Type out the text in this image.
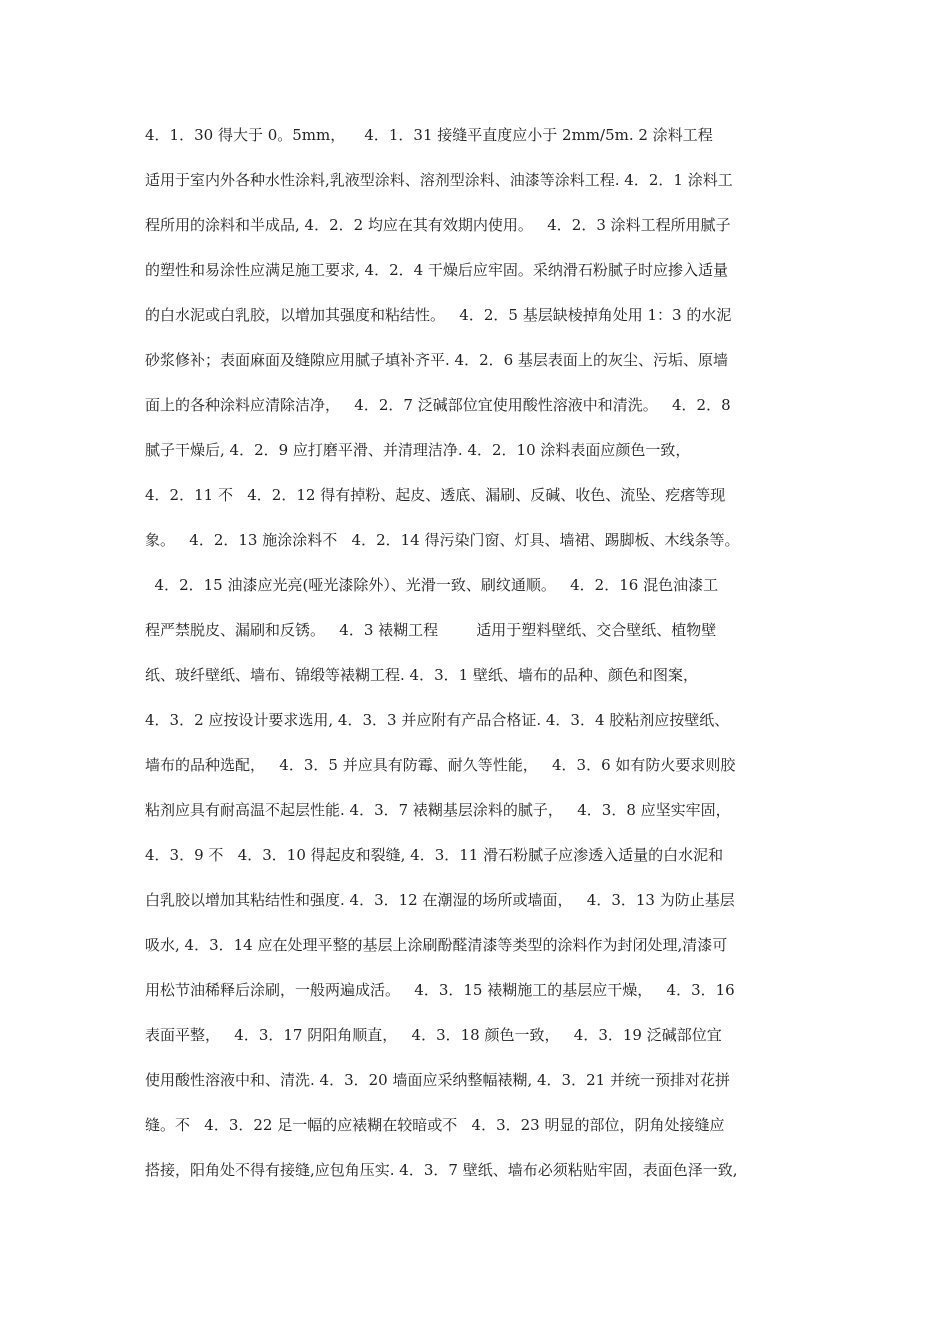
4．1．30 得大于 0。5mm，    4．1．31 接缝平直度应小于 2mm/5m. 2 涂料工程
适用于室内外各种水性涂料,乳液型涂料、溶剂型涂料、油漆等涂料工程. 4．2．1 涂料工
程所用的涂料和半成品, 4．2．2 均应在其有效期内使用。   4．2．3 涂料工程所用腻子
的塑性和易涂性应满足施工要求, 4．2．4 干燥后应牢固。采纳滑石粉腻子时应掺入适量
的白水泥或白乳胶，以增加其强度和粘结性。   4．2．5 基层缺棱掉角处用 1：3 的水泥
砂浆修补；表面麻面及缝隙应用腻子填补齐平. 4．2．6 基层表面上的灰尘、污垢、原墙
面上的各种涂料应清除洁净，   4．2．7 泛碱部位宜使用酸性溶液中和清洗。   4．2．8
腻子干燥后, 4．2．9 应打磨平滑、并清理洁净. 4．2．10 涂料表面应颜色一致，
4．2．11 不   4．2．12 得有掉粉、起皮、透底、漏刷、反碱、收色、流坠、疙瘩等现
象。   4．2．13 施涂涂料不   4．2．14 得污染门窗、灯具、墙裙、踢脚板、木线条等。
4．2．15 油漆应光亮(哑光漆除外）、光滑一致、刷纹通顺。   4．2．16 混色油漆工
程严禁脱皮、漏刷和反锈。   4．3 裱糊工程        适用于塑料壁纸、交合壁纸、植物壁
纸、玻纤壁纸、墙布、锦缎等裱糊工程. 4．3．1 壁纸、墙布的品种、颜色和图案，
4．3．2 应按设计要求选用, 4．3．3 并应附有产品合格证. 4．3．4 胶粘剂应按壁纸、
墙布的品种选配，   4．3．5 并应具有防霉、耐久等性能，   4．3．6 如有防火要求则胶
粘剂应具有耐高温不起层性能. 4．3．7 裱糊基层涂料的腻子，   4．3．8 应坚实牢固，
4．3．9 不   4．3．10 得起皮和裂缝, 4．3．11 滑石粉腻子应渗透入适量的白水泥和
白乳胶以增加其粘结性和强度. 4．3．12 在潮湿的场所或墙面，   4．3．13 为防止基层
吸水, 4．3．14 应在处理平整的基层上涂刷酚醛清漆等类型的涂料作为封闭处理,清漆可
用松节油稀释后涂刷，一般两遍成活。   4．3．15 裱糊施工的基层应干燥，   4．3．16
表面平整，   4．3．17 阴阳角顺直，   4．3．18 颜色一致，   4．3．19 泛碱部位宜
使用酸性溶液中和、清洗. 4．3．20 墙面应采纳整幅裱糊, 4．3．21 并统一预排对花拼
缝。不   4．3．22 足一幅的应裱糊在较暗或不   4．3．23 明显的部位，阴角处接缝应
搭接，阳角处不得有接缝,应包角压实. 4．3．7 壁纸、墙布必须粘贴牢固，表面色泽一致,
